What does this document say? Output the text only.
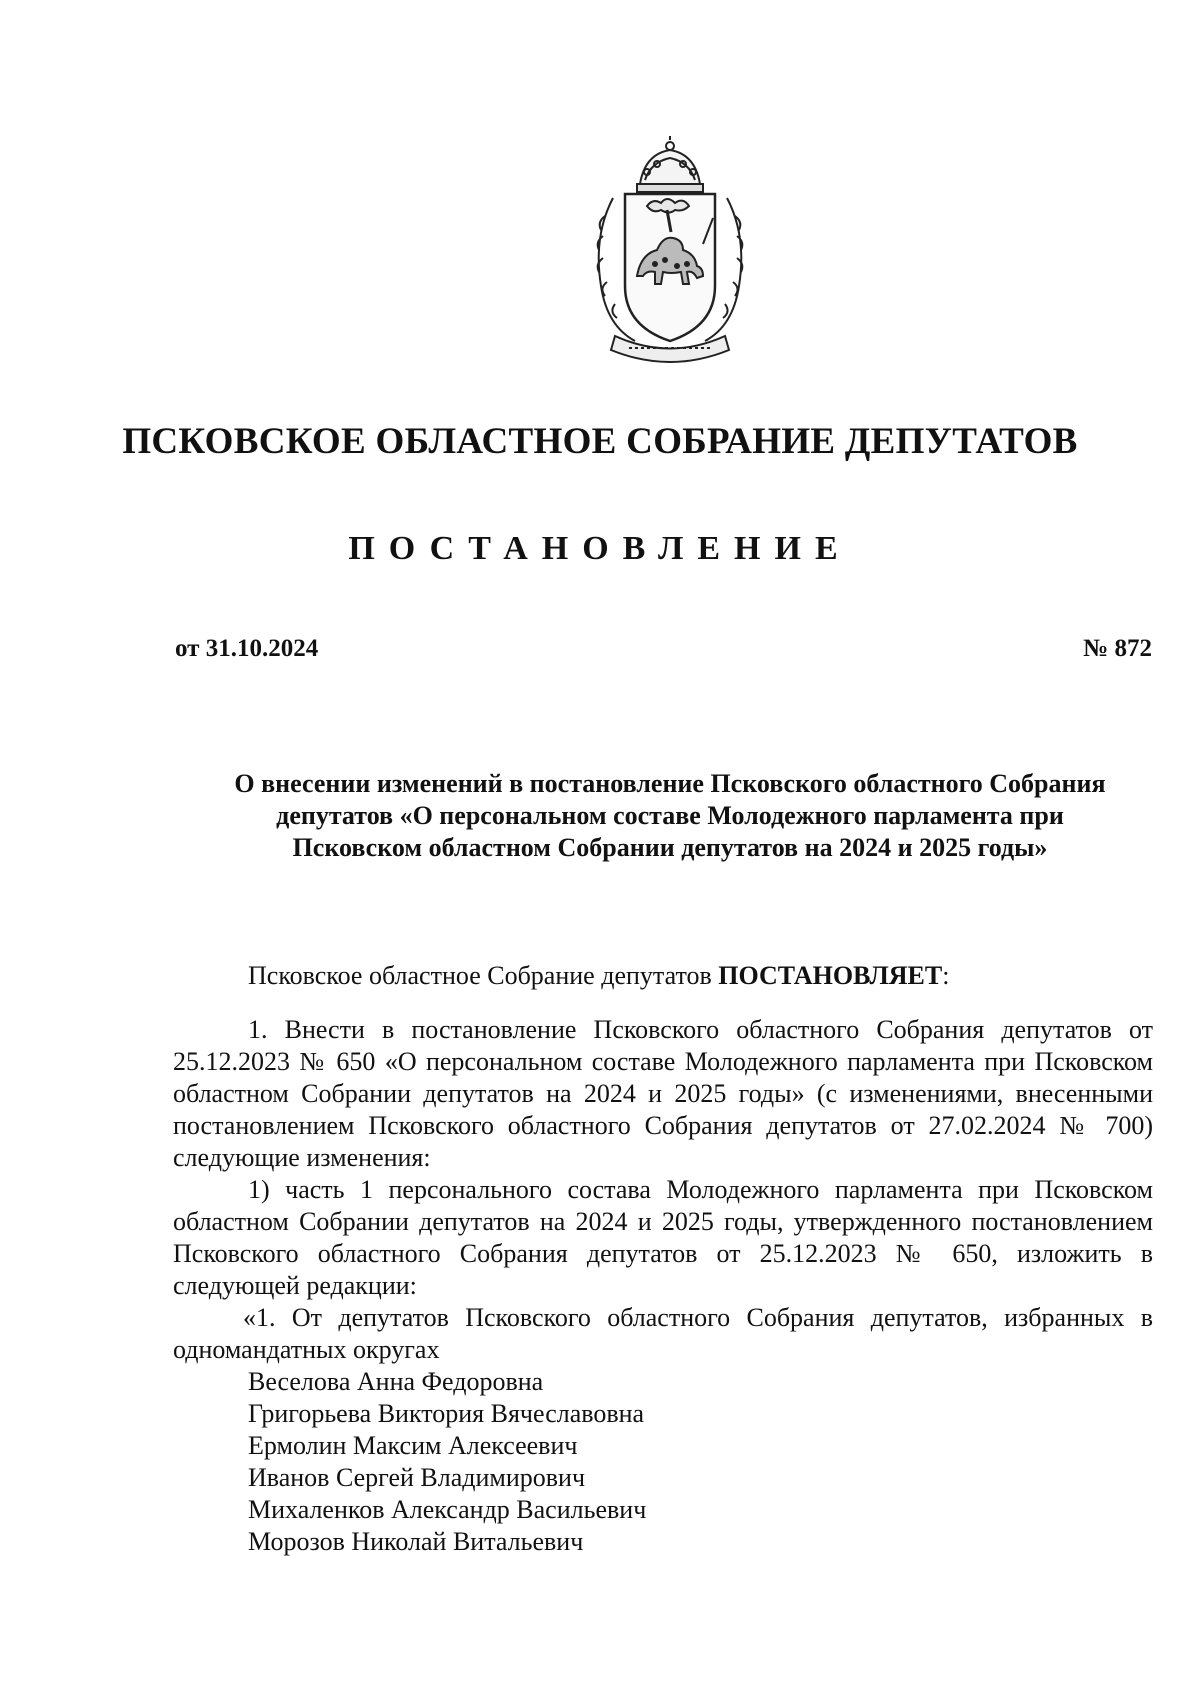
ПСКОВСКОЕ ОБЛАСТНОЕ СОБРАНИЕ ДЕПУТАТОВ
ПОСТАНОВЛЕНИЕ
от 31.10.2024	№ 872
О внесении изменений в постановление Псковского областного Собрания
депутатов «О персональном составе Молодежного парламента при
Псковском областном Собрании депутатов на 2024 и 2025 годы»

Псковское областное Собрание депутатов ПОСТАНОВЛЯЕТ:

1. Внести в постановление Псковского областного Собрания депутатов от 25.12.2023 № 650 «О персональном составе Молодежного парламента при Псковском областном Собрании депутатов на 2024 и 2025 годы» (с изменениями, внесенными постановлением Псковского областного Собрания депутатов от 27.02.2024 № 700) следующие изменения:

1) часть 1 персонального состава Молодежного парламента при Псковском областном Собрании депутатов на 2024 и 2025 годы, утвержденного постановлением Псковского областного Собрания депутатов от 25.12.2023 № 650, изложить в следующей редакции:

«1. От депутатов Псковского областного Собрания депутатов, избранных в одномандатных округах

Веселова Анна Федоровна
Григорьева Виктория Вячеславовна
Ермолин Максим Алексеевич
Иванов Сергей Владимирович
Михаленков Александр Васильевич
Морозов Николай Витальевич
